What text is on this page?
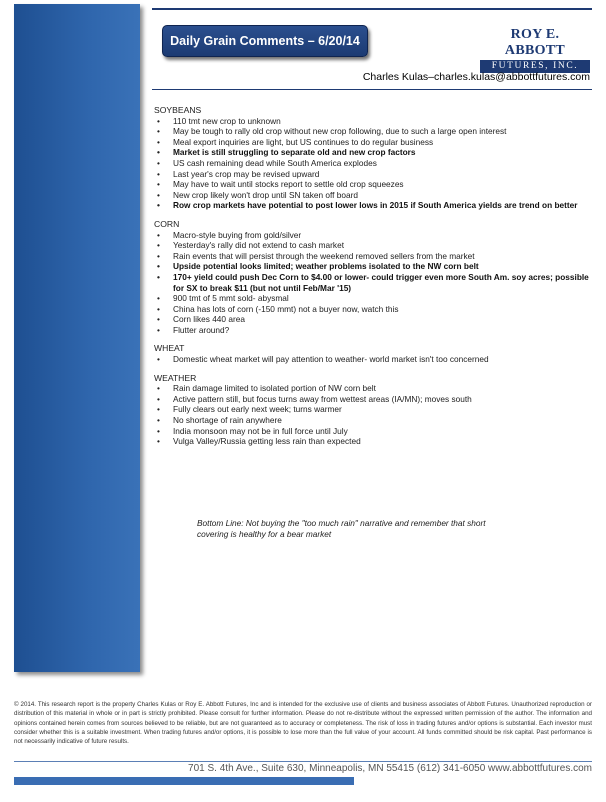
Daily Grain Comments – 6/20/14	ROY E. ABBOTT
FUTURES, INC.
Charles Kulas–charles.kulas@abbottfutures.com
SOYBEANS
• 110 tmt new crop to unknown
• May be tough to rally old crop without new crop following, due to such a large open interest
• Meal export inquiries are light, but US continues to do regular business
• Market is still struggling to separate old and new crop factors
• US cash remaining dead while South America explodes
• Last year's crop may be revised upward
• May have to wait until stocks report to settle old crop squeezes
• New crop likely won't drop until SN taken off board
• Row crop markets have potential to post lower lows in 2015 if South America yields are trend on better
CORN
• Macro-style buying from gold/silver
• Yesterday's rally did not extend to cash market
• Rain events that will persist through the weekend removed sellers from the market
• Upside potential looks limited; weather problems isolated to the NW corn belt
• 170+ yield could push Dec Corn to $4.00 or lower- could trigger even more South Am. soy acres; possible for SX to break $11 (but not until Feb/Mar '15)
• 900 tmt of 5 mmt sold- abysmal
• China has lots of corn (-150 mmt) not a buyer now, watch this
• Corn likes 440 area
• Flutter around?
WHEAT
• Domestic wheat market will pay attention to weather- world market isn't too concerned
WEATHER
• Rain damage limited to isolated portion of NW corn belt
• Active pattern still, but focus turns away from wettest areas (IA/MN); moves south
• Fully clears out early next week; turns warmer
• No shortage of rain anywhere
• India monsoon may not be in full force until July
• Vulga Valley/Russia getting less rain than expected
Bottom Line: Not buying the "too much rain" narrative and remember that short covering is healthy for a bear market
© 2014. This research report is the property Charles Kulas or Roy E. Abbott Futures, Inc and is intended for the exclusive use of clients and business associates of Abbott Futures. Unauthorized reproduction or distribution of this material in whole or in part is strictly prohibited. Please consult for further information. Please do not re-distribute without the expressed written permission of the author. The information and opinions contained herein comes from sources believed to be reliable, but are not guaranteed as to accuracy or completeness. The risk of loss in trading futures and/or options is substantial. Each investor must consider whether this is a suitable investment. When trading futures and/or options, it is possible to lose more than the full value of your account. All funds committed should be risk capital. Past performance is not necessarily indicative of future results.
701 S. 4th Ave., Suite 630, Minneapolis, MN 55415 (612) 341-6050 www.abbottfutures.com
